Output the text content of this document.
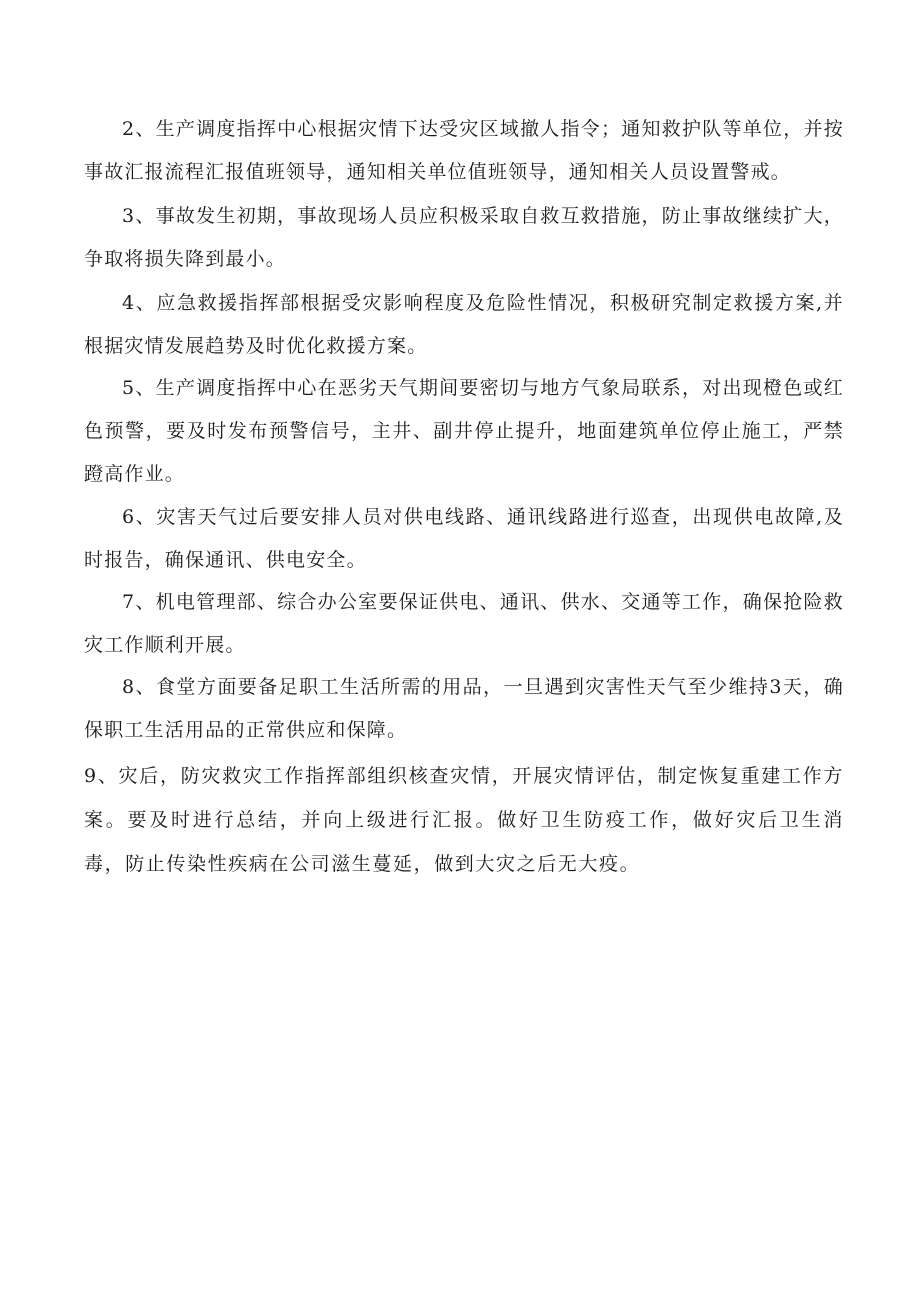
2、生产调度指挥中心根据灾情下达受灾区域撤人指令；通知救护队等单位，并按事故汇报流程汇报值班领导，通知相关单位值班领导，通知相关人员设置警戒。

3、事故发生初期，事故现场人员应积极采取自救互救措施，防止事故继续扩大，争取将损失降到最小。

4、应急救援指挥部根据受灾影响程度及危险性情况，积极研究制定救援方案,并根据灾情发展趋势及时优化救援方案。

5、生产调度指挥中心在恶劣天气期间要密切与地方气象局联系，对出现橙色或红色预警，要及时发布预警信号，主井、副井停止提升，地面建筑单位停止施工，严禁蹬高作业。

6、灾害天气过后要安排人员对供电线路、通讯线路进行巡查，出现供电故障,及时报告，确保通讯、供电安全。

7、机电管理部、综合办公室要保证供电、通讯、供水、交通等工作，确保抢险救灾工作顺利开展。

8、食堂方面要备足职工生活所需的用品，一旦遇到灾害性天气至少维持3天，确保职工生活用品的正常供应和保障。

9、灾后，防灾救灾工作指挥部组织核查灾情，开展灾情评估，制定恢复重建工作方案。要及时进行总结，并向上级进行汇报。做好卫生防疫工作，做好灾后卫生消毒，防止传染性疾病在公司滋生蔓延，做到大灾之后无大疫。
